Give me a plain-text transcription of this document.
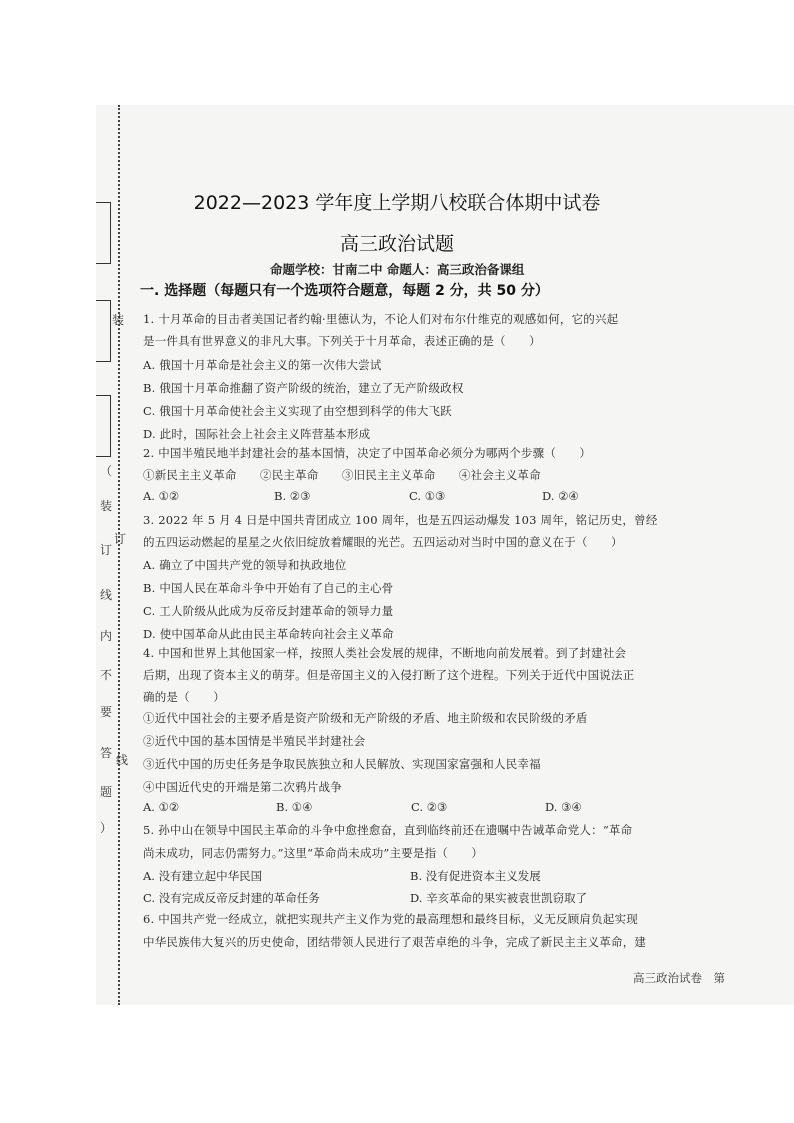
（
装
订
线
内
不
要
答
题
）
装
订
线
2022—2023 学年度上学期八校联合体期中试卷
高三政治试题
命题学校：甘南二中 命题人：高三政治备课组
一. 选择题（每题只有一个选项符合题意，每题 2 分，共 50 分）
1. 十月革命的目击者美国记者约翰·里德认为，不论人们对布尔什维克的观感如何，它的兴起
是一件具有世界意义的非凡大事。下列关于十月革命，表述正确的是（　　）
A. 俄国十月革命是社会主义的第一次伟大尝试
B. 俄国十月革命推翻了资产阶级的统治，建立了无产阶级政权
C. 俄国十月革命使社会主义实现了由空想到科学的伟大飞跃
D. 此时，国际社会上社会主义阵营基本形成
2. 中国半殖民地半封建社会的基本国情，决定了中国革命必须分为哪两个步骤（　　）
①新民主主义革命　　②民主革命　　③旧民主主义革命　　④社会主义革命
A. ①②	B. ②③	C. ①③	D. ②④
3. 2022 年 5 月 4 日是中国共青团成立 100 周年，也是五四运动爆发 103 周年，铭记历史，曾经
的五四运动燃起的星星之火依旧绽放着耀眼的光芒。五四运动对当时中国的意义在于（　　）
A. 确立了中国共产党的领导和执政地位
B. 中国人民在革命斗争中开始有了自己的主心骨
C. 工人阶级从此成为反帝反封建革命的领导力量
D. 使中国革命从此由民主革命转向社会主义革命
4. 中国和世界上其他国家一样，按照人类社会发展的规律，不断地向前发展着。到了封建社会
后期，出现了资本主义的萌芽。但是帝国主义的入侵打断了这个进程。下列关于近代中国说法正
确的是（　　）
①近代中国社会的主要矛盾是资产阶级和无产阶级的矛盾、地主阶级和农民阶级的矛盾
②近代中国的基本国情是半殖民半封建社会
③近代中国的历史任务是争取民族独立和人民解放、实现国家富强和人民幸福
④中国近代史的开端是第二次鸦片战争
A. ①②	B. ①④	C. ②③	D. ③④
5. 孙中山在领导中国民主革命的斗争中愈挫愈奋，直到临终前还在遗嘱中告诫革命党人：“革命
尚未成功，同志仍需努力。”这里“革命尚未成功”主要是指（　　）
A. 没有建立起中华民国	B. 没有促进资本主义发展
C. 没有完成反帝反封建的革命任务	D. 辛亥革命的果实被袁世凯窃取了
6. 中国共产党一经成立，就把实现共产主义作为党的最高理想和最终目标，义无反顾肩负起实现
中华民族伟大复兴的历史使命，团结带领人民进行了艰苦卓绝的斗争，完成了新民主主义革命，建
高三政治试卷　第
